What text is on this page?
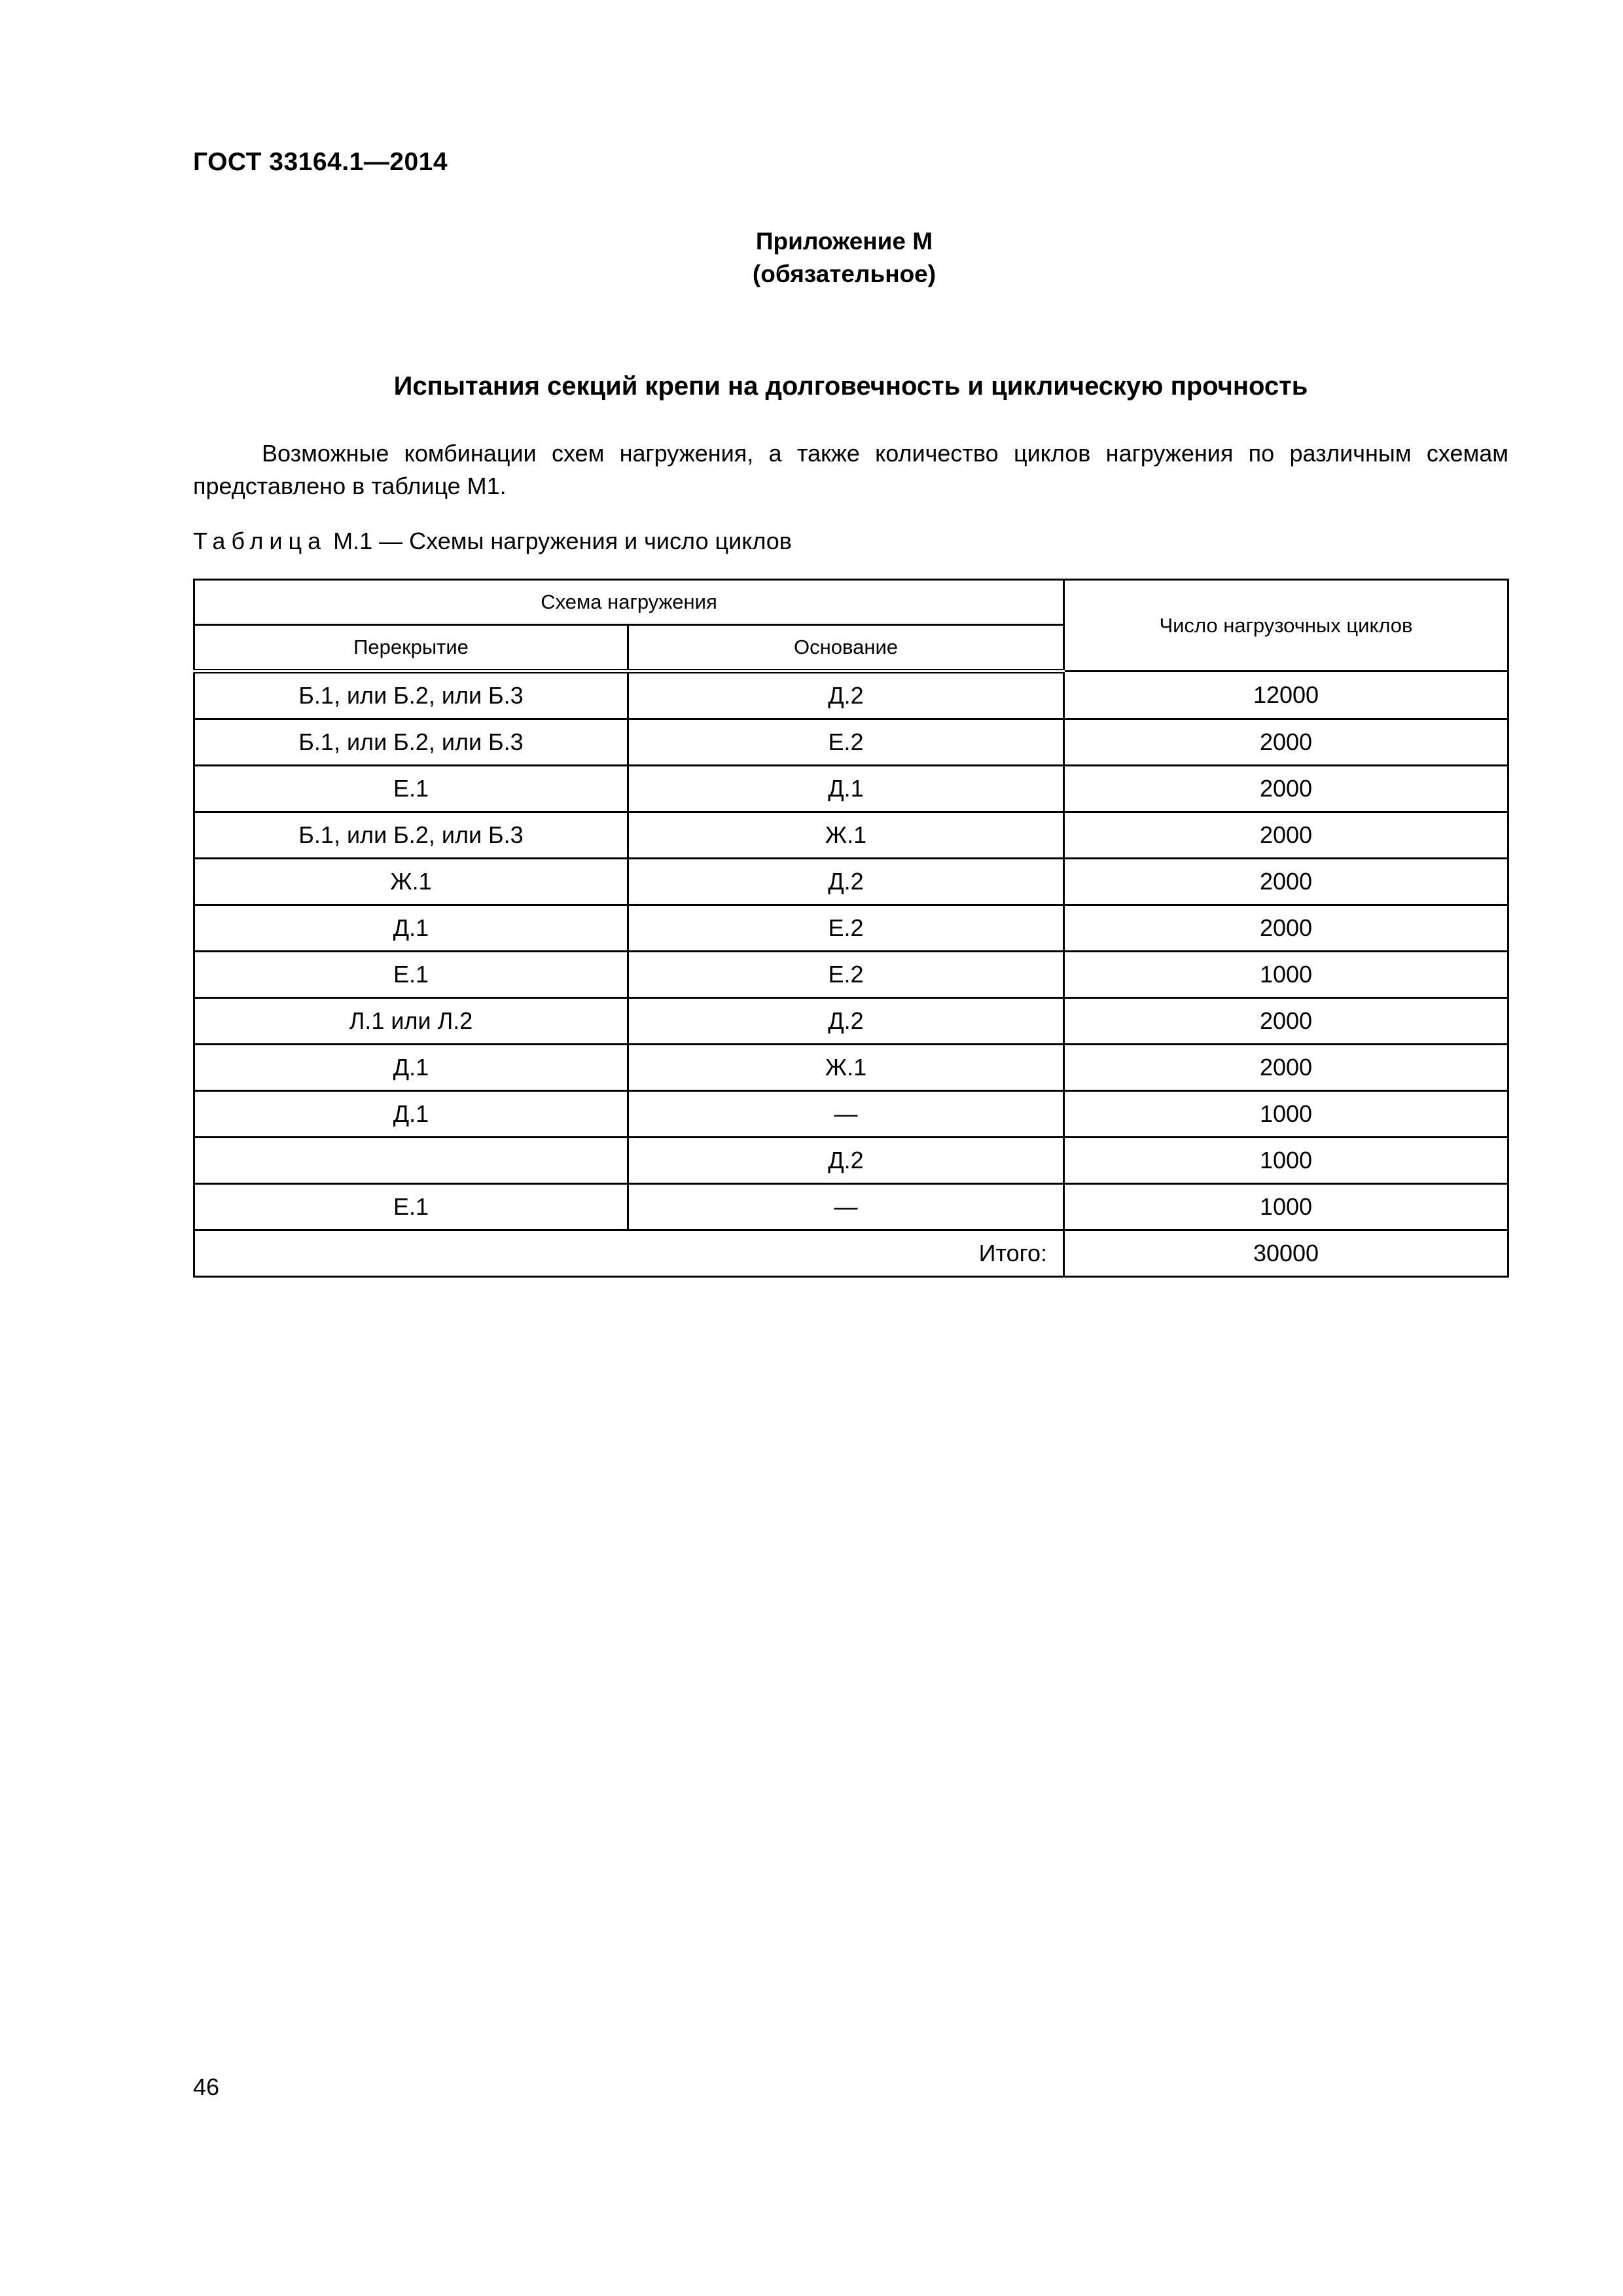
ГОСТ 33164.1—2014
Приложение М
(обязательное)
Испытания секций крепи на долговечность и циклическую прочность
Возможные комбинации схем нагружения, а также количество циклов нагружения по различным схемам представлено в таблице М1.
Таблица М.1 — Схемы нагружения и число циклов
Схема нагружения		Число нагрузочных циклов
Перекрытие	Основание	
Б.1, или Б.2, или Б.3	Д.2	12000
Б.1, или Б.2, или Б.3	Е.2	2000
Е.1	Д.1	2000
Б.1, или Б.2, или Б.3	Ж.1	2000
Ж.1	Д.2	2000
Д.1	Е.2	2000
Е.1	Е.2	1000
Л.1 или Л.2	Д.2	2000
Д.1	Ж.1	2000
Д.1	—	1000
	Д.2	1000
Е.1	—	1000
Итого:		30000
46
